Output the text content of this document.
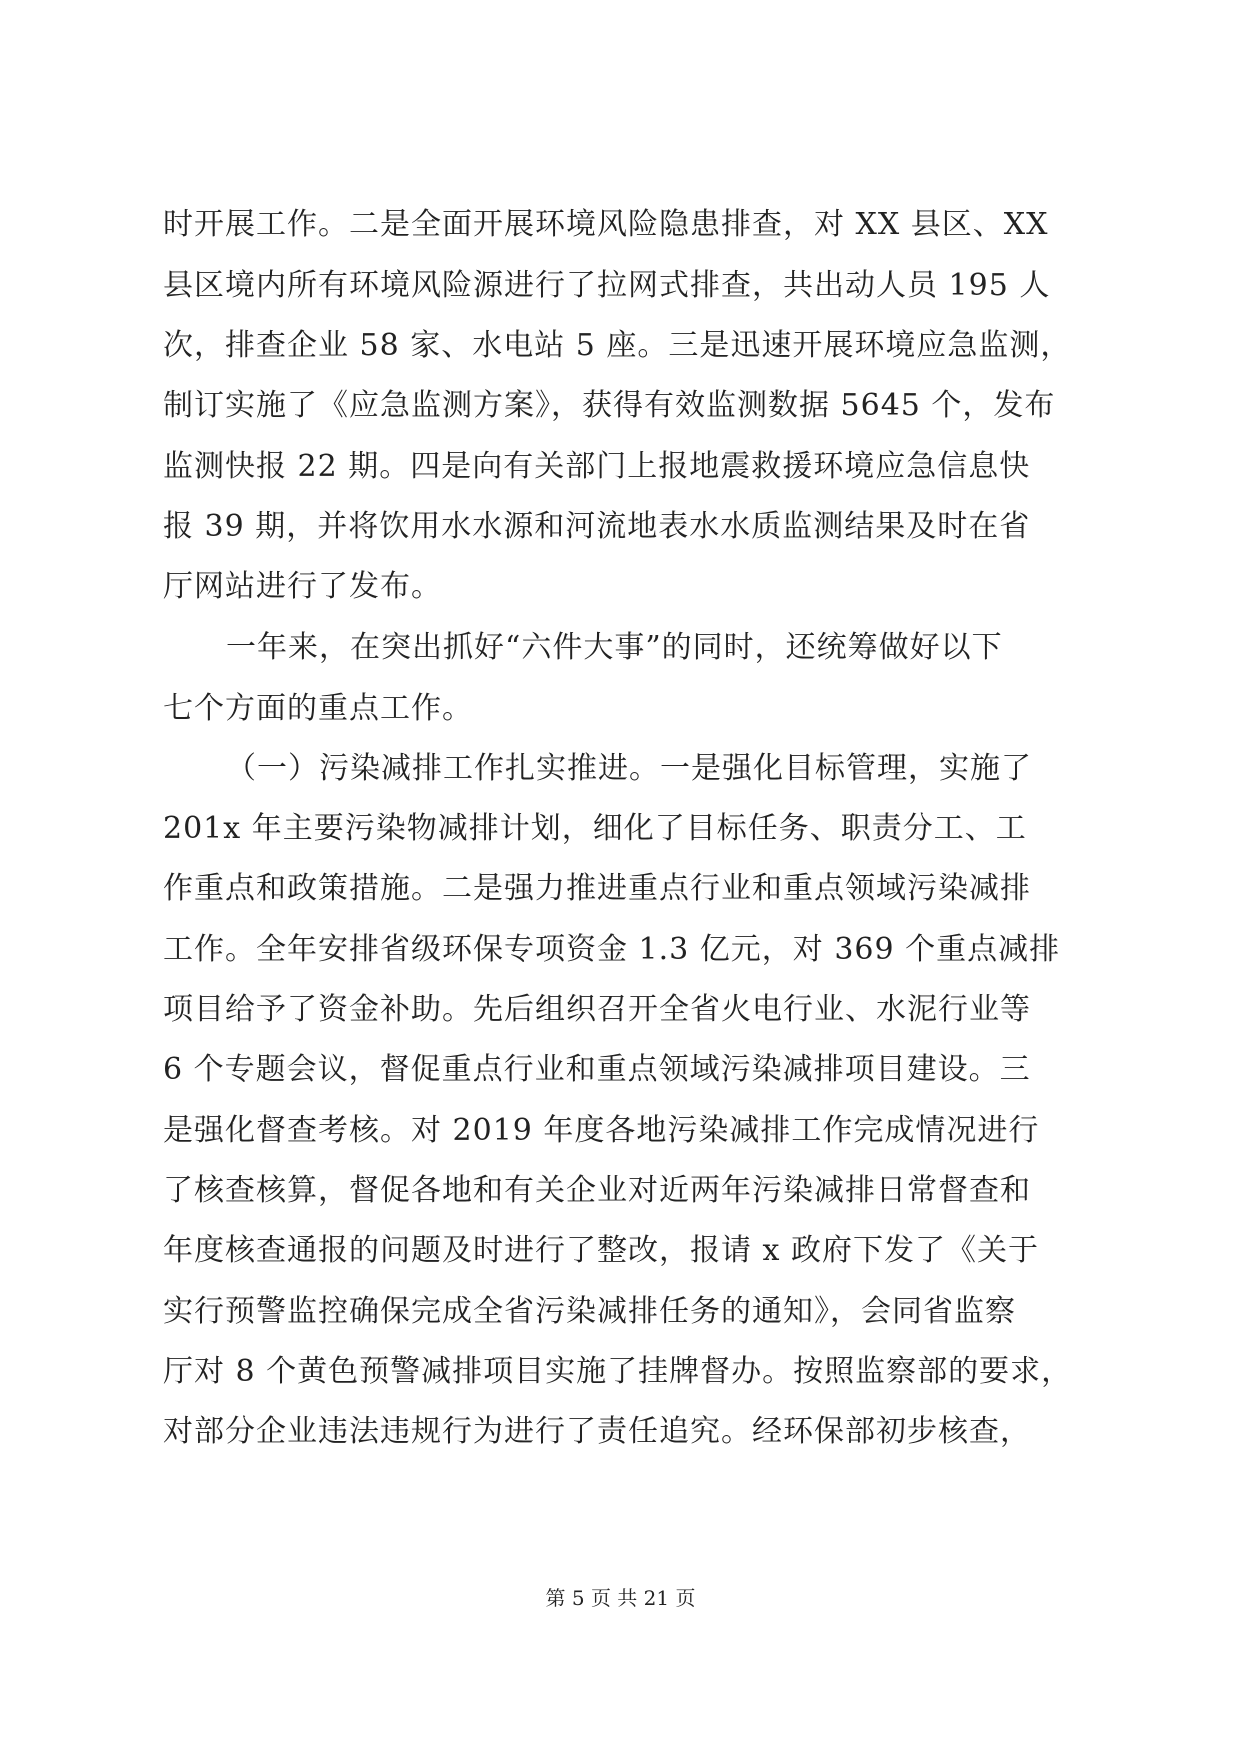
时开展工作。二是全面开展环境风险隐患排查，对 XX 县区、XX
县区境内所有环境风险源进行了拉网式排查，共出动人员 195 人
次，排查企业 58 家、水电站 5 座。三是迅速开展环境应急监测，
制订实施了《应急监测方案》，获得有效监测数据 5645 个，发布
监测快报 22 期。四是向有关部门上报地震救援环境应急信息快
报 39 期，并将饮用水水源和河流地表水水质监测结果及时在省
厅网站进行了发布。
一年来，在突出抓好“六件大事”的同时，还统筹做好以下
七个方面的重点工作。
（一）污染减排工作扎实推进。一是强化目标管理，实施了
201x 年主要污染物减排计划，细化了目标任务、职责分工、工
作重点和政策措施。二是强力推进重点行业和重点领域污染减排
工作。全年安排省级环保专项资金 1.3 亿元，对 369 个重点减排
项目给予了资金补助。先后组织召开全省火电行业、水泥行业等
6 个专题会议，督促重点行业和重点领域污染减排项目建设。三
是强化督查考核。对 2019 年度各地污染减排工作完成情况进行
了核查核算，督促各地和有关企业对近两年污染减排日常督查和
年度核查通报的问题及时进行了整改，报请 x 政府下发了《关于
实行预警监控确保完成全省污染减排任务的通知》，会同省监察
厅对 8 个黄色预警减排项目实施了挂牌督办。按照监察部的要求，
对部分企业违法违规行为进行了责任追究。经环保部初步核查，
第 5 页 共 21 页
